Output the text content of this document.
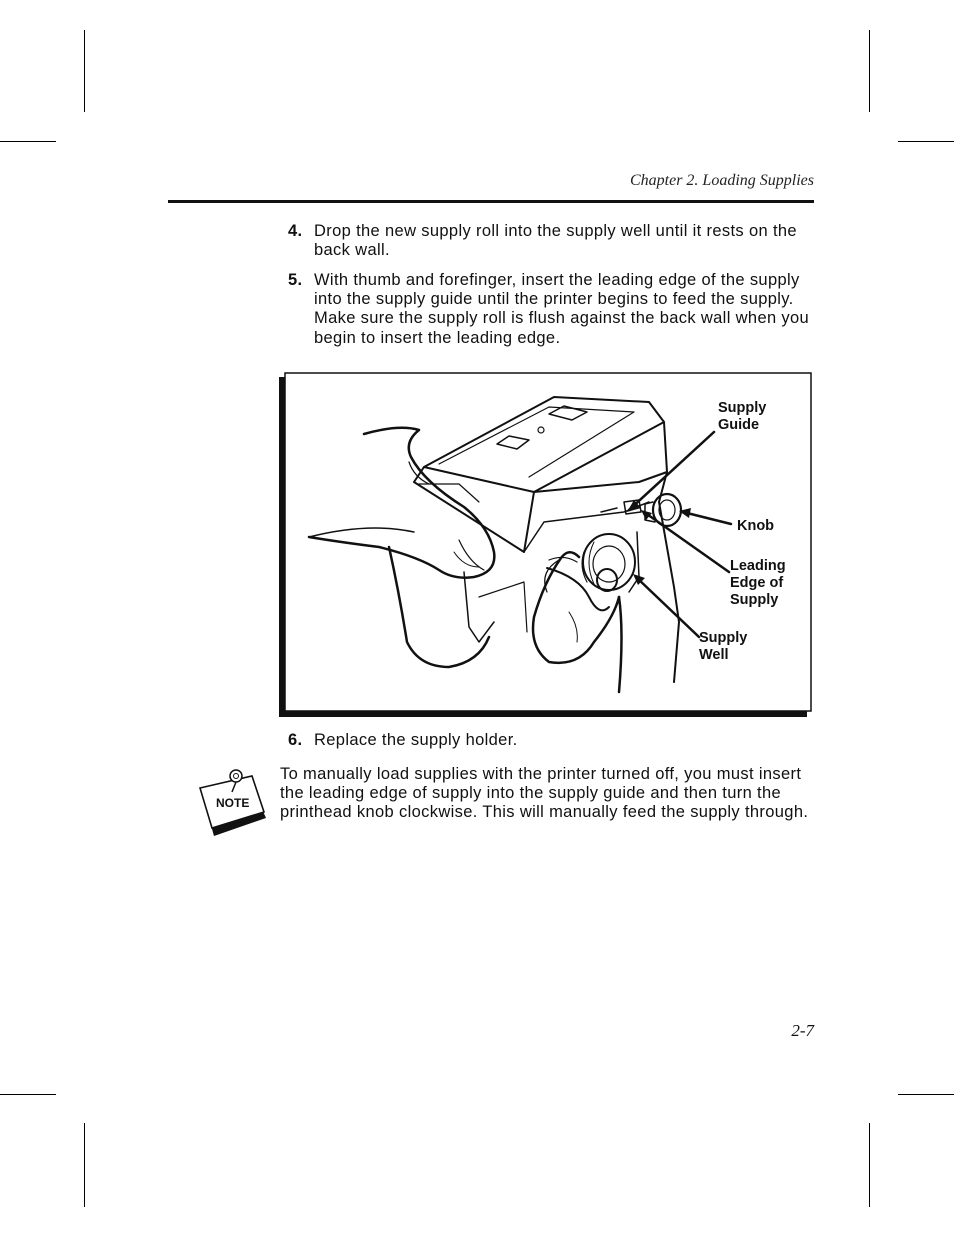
Chapter 2. Loading Supplies
4. Drop the new supply roll into the supply well until it rests on the back wall.
5. With thumb and forefinger, insert the leading edge of the supply into the supply guide until the printer begins to feed the supply. Make sure the supply roll is flush against the back wall when you begin to insert the leading edge.
Supply Guide
Knob
Leading Edge of Supply
Supply Well
6. Replace the supply holder.
NOTE
To manually load supplies with the printer turned off, you must insert the leading edge of supply into the supply guide and then turn the printhead knob clockwise. This will manually feed the supply through.
2-7
